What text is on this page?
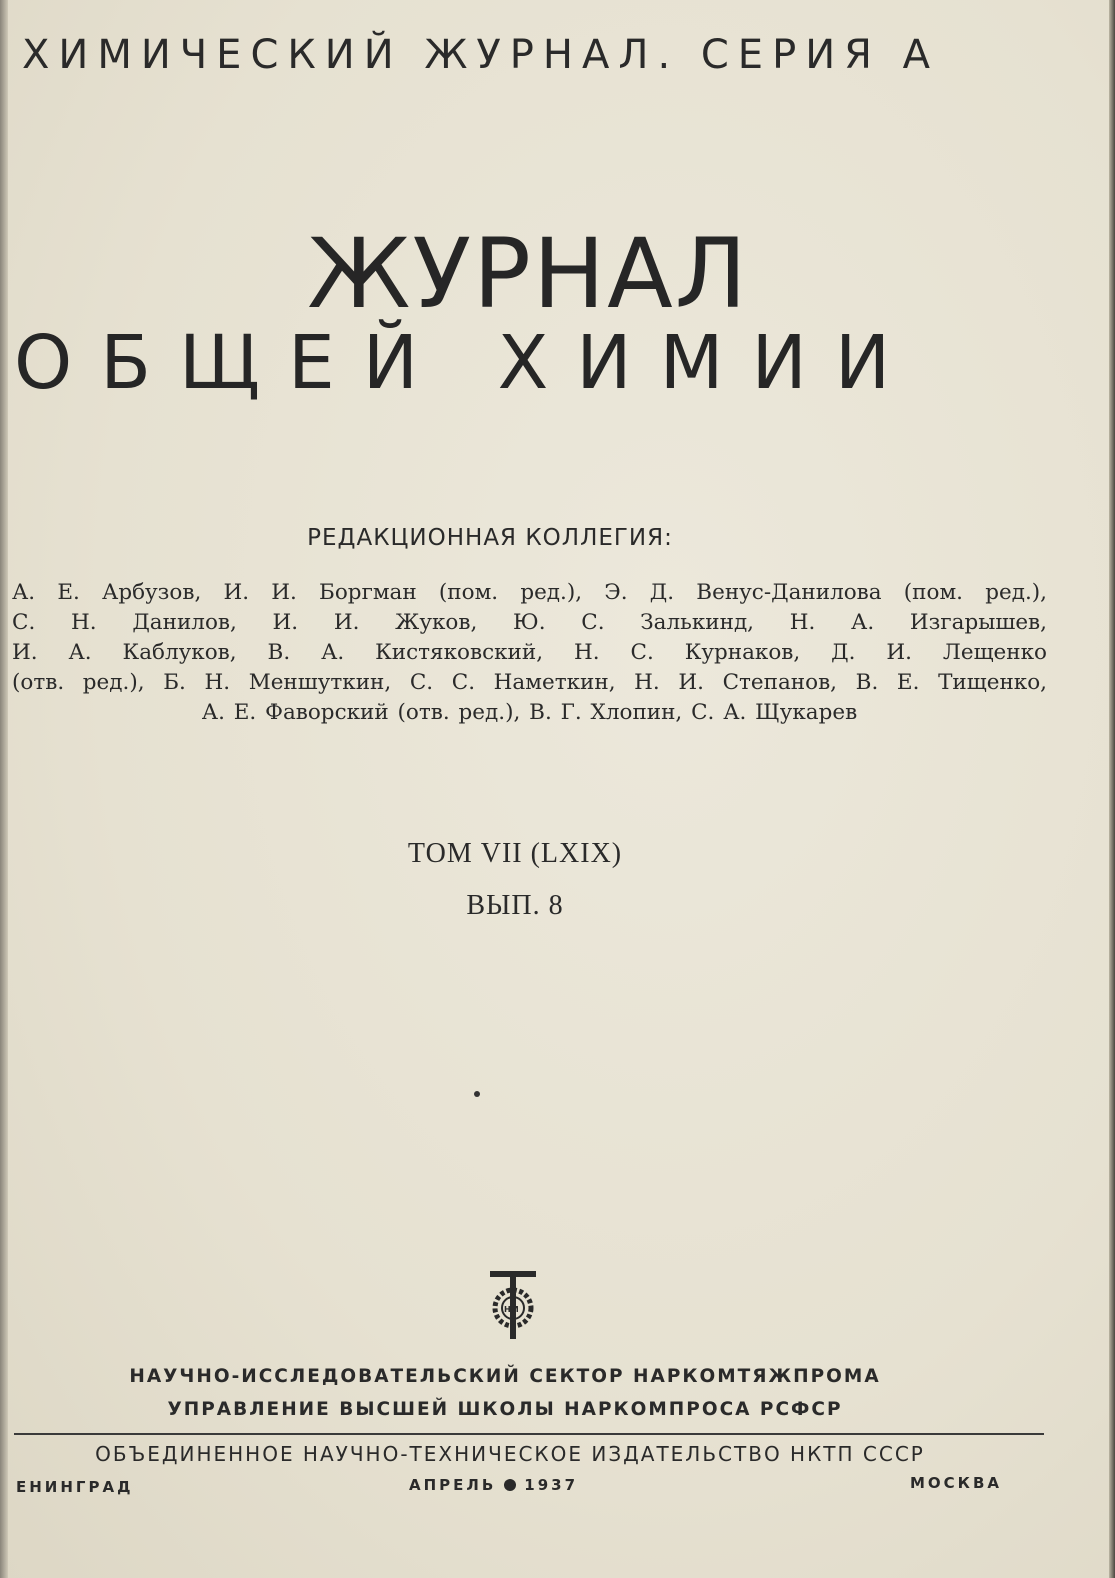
ХИМИЧЕСКИЙ ЖУРНАЛ. СЕРИЯ А
ЖУРНАЛ
ОБЩЕЙ ХИМИИ
РЕДАКЦИОННАЯ КОЛЛЕГИЯ:
А. Е. Арбузов, И. И. Боргман (пом. ред.), Э. Д. Венус-Данилова (пом. ред.),
С. Н. Данилов, И. И. Жуков, Ю. С. Залькинд, Н. А. Изгарышев,
И. А. Каблуков, В. А. Кистяковский, Н. С. Курнаков, Д. И. Лещенко
(отв. ред.), Б. Н. Меншуткин, С. С. Наметкин, Н. И. Степанов, В. Е. Тищенко,
А. Е. Фаворский (отв. ред.), В. Г. Хлопин, С. А. Щукарев
ТОМ VII (LXIX)
ВЫП. 8
НМ
НАУЧНО-ИССЛЕДОВАТЕЛЬСКИЙ СЕКТОР НАРКОМТЯЖПРОМА
УПРАВЛЕНИЕ ВЫСШЕЙ ШКОЛЫ НАРКОМПРОСА РСФСР
ОБЪЕДИНЕННОЕ НАУЧНО-ТЕХНИЧЕСКОЕ ИЗДАТЕЛЬСТВО НКТП СССР
ЕНИНГРАД	АПРЕЛЬ 1937	МОСКВА
